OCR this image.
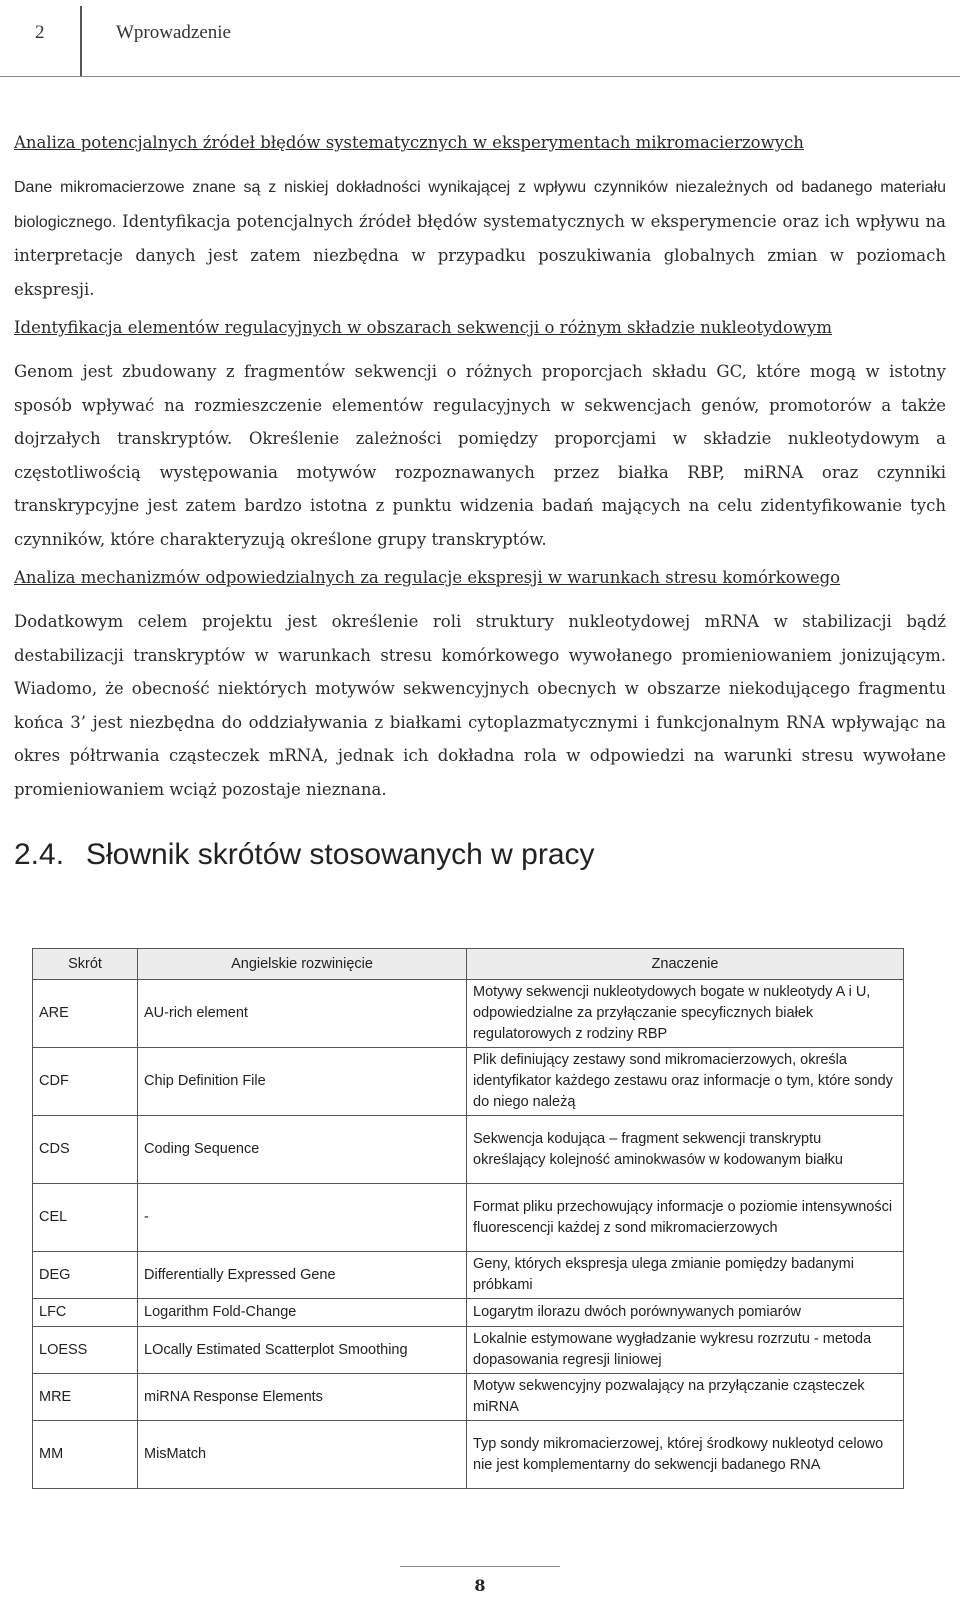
2	Wprowadzenie
Analiza potencjalnych źródeł błędów systematycznych w eksperymentach mikromacierzowych

Dane mikromacierzowe znane są z niskiej dokładności wynikającej z wpływu czynników niezależnych od badanego materiału biologicznego. Identyfikacja potencjalnych źródeł błędów systematycznych w eksperymencie oraz ich wpływu na interpretacje danych jest zatem niezbędna w przypadku poszukiwania globalnych zmian w poziomach ekspresji.

Identyfikacja elementów regulacyjnych w obszarach sekwencji o różnym składzie nukleotydowym

Genom jest zbudowany z fragmentów sekwencji o różnych proporcjach składu GC, które mogą w istotny sposób wpływać na rozmieszczenie elementów regulacyjnych w sekwencjach genów, promotorów a także dojrzałych transkryptów. Określenie zależności pomiędzy proporcjami w składzie nukleotydowym a częstotliwością występowania motywów rozpoznawanych przez białka RBP, miRNA oraz czynniki transkrypcyjne jest zatem bardzo istotna z punktu widzenia badań mających na celu zidentyfikowanie tych czynników, które charakteryzują określone grupy transkryptów.

Analiza mechanizmów odpowiedzialnych za regulacje ekspresji w warunkach stresu komórkowego

Dodatkowym celem projektu jest określenie roli struktury nukleotydowej mRNA w stabilizacji bądź destabilizacji transkryptów w warunkach stresu komórkowego wywołanego promieniowaniem jonizującym. Wiadomo, że obecność niektórych motywów sekwencyjnych obecnych w obszarze niekodującego fragmentu końca 3’ jest niezbędna do oddziaływania z białkami cytoplazmatycznymi i funkcjonalnym RNA wpływając na okres półtrwania cząsteczek mRNA, jednak ich dokładna rola w odpowiedzi na warunki stresu wywołane promieniowaniem wciąż pozostaje nieznana.

2.4. Słownik skrótów stosowanych w pracy
Skrót	Angielskie rozwinięcie	Znaczenie
ARE	AU-rich element	Motywy sekwencji nukleotydowych bogate w nukleotydy A i U, odpowiedzialne za przyłączanie specyficznych białek regulatorowych z rodziny RBP
CDF	Chip Definition File	Plik definiujący zestawy sond mikromacierzowych, określa identyfikator każdego zestawu oraz informacje o tym, które sondy do niego należą
CDS	Coding Sequence	Sekwencja kodująca – fragment sekwencji transkryptu określający kolejność aminokwasów w kodowanym białku
CEL	-	Format pliku przechowujący informacje o poziomie intensywności fluorescencji każdej z sond mikromacierzowych
DEG	Differentially Expressed Gene	Geny, których ekspresja ulega zmianie pomiędzy badanymi próbkami
LFC	Logarithm Fold-Change	Logarytm ilorazu dwóch porównywanych pomiarów
LOESS	LOcally Estimated Scatterplot Smoothing	Lokalnie estymowane wygładzanie wykresu rozrzutu - metoda dopasowania regresji liniowej
MRE	miRNA Response Elements	Motyw sekwencyjny pozwalający na przyłączanie cząsteczek miRNA
MM	MisMatch	Typ sondy mikromacierzowej, której środkowy nukleotyd celowo nie jest komplementarny do sekwencji badanego RNA
8
